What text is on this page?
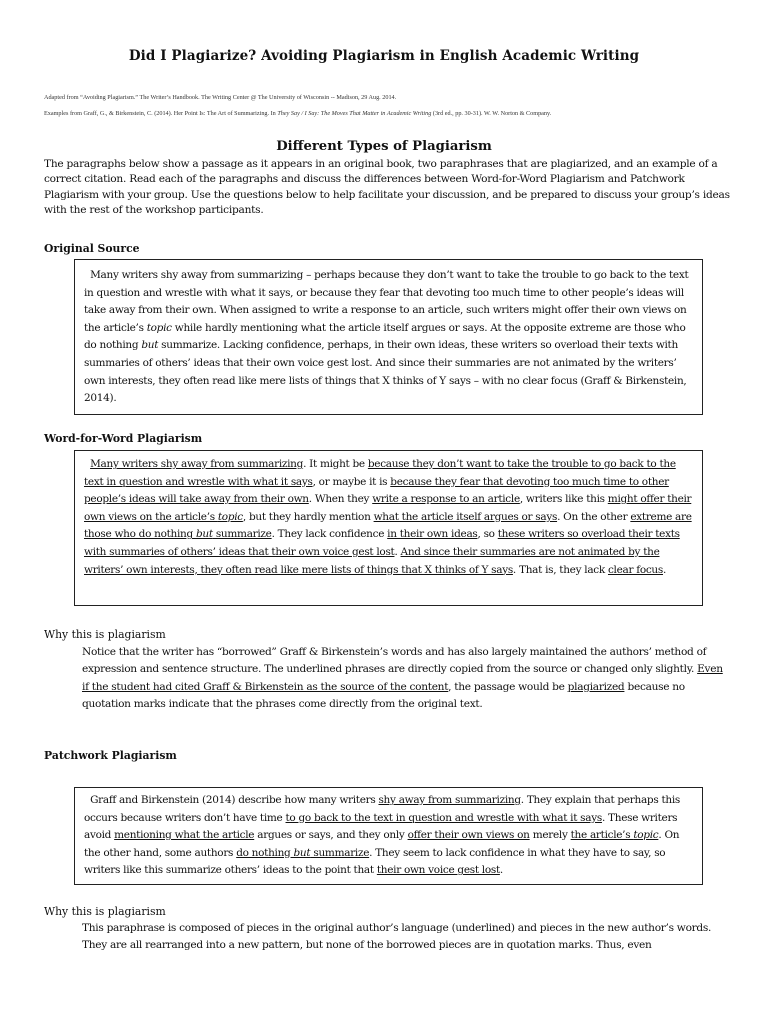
Did I Plagiarize? Avoiding Plagiarism in English Academic Writing
Adapted from “Avoiding Plagiarism.” The Writer’s Handbook. The Writing Center @ The University of Wisconsin -- Madison, 29 Aug. 2014.
Examples from Graff, G., & Birkenstein, C. (2014). Her Point Is: The Art of Summarizing. In They Say / I Say: The Moves That Matter in Academic Writing (3rd ed., pp. 30-31). W. W. Norton & Company.
Different Types of Plagiarism

The paragraphs below show a passage as it appears in an original book, two paraphrases that are plagiarized, and an example of a correct citation. Read each of the paragraphs and discuss the differences between Word-for-Word Plagiarism and Patchwork Plagiarism with your group. Use the questions below to help facilitate your discussion, and be prepared to discuss your group’s ideas with the rest of the workshop participants.

Original Source

Many writers shy away from summarizing – perhaps because they don’t want to take the trouble to go back to the text in question and wrestle with what it says, or because they fear that devoting too much time to other people’s ideas will take away from their own. When assigned to write a response to an article, such writers might offer their own views on the article’s topic while hardly mentioning what the article itself argues or says. At the opposite extreme are those who do nothing but summarize. Lacking confidence, perhaps, in their own ideas, these writers so overload their texts with summaries of others’ ideas that their own voice gest lost. And since their summaries are not animated by the writers’ own interests, they often read like mere lists of things that X thinks of Y says – with no clear focus (Graff & Birkenstein, 2014).

Word-for-Word Plagiarism

Many writers shy away from summarizing. It might be because they don’t want to take the trouble to go back to the text in question and wrestle with what it says, or maybe it is because they fear that devoting too much time to other people’s ideas will take away from their own. When they write a response to an article, writers like this might offer their own views on the article’s topic, but they hardly mention what the article itself argues or says. On the other extreme are those who do nothing but summarize. They lack confidence in their own ideas, so these writers so overload their texts with summaries of others’ ideas that their own voice gest lost. And since their summaries are not animated by the writers’ own interests, they often read like mere lists of things that X thinks of Y says. That is, they lack clear focus.

Why this is plagiarism

Notice that the writer has “borrowed” Graff & Birkenstein’s words and has also largely maintained the authors’ method of expression and sentence structure. The underlined phrases are directly copied from the source or changed only slightly. Even if the student had cited Graff & Birkenstein as the source of the content, the passage would be plagiarized because no quotation marks indicate that the phrases come directly from the original text.

Patchwork Plagiarism

Graff and Birkenstein (2014) describe how many writers shy away from summarizing. They explain that perhaps this occurs because writers don’t have time to go back to the text in question and wrestle with what it says. These writers avoid mentioning what the article argues or says, and they only offer their own views on merely the article’s topic. On the other hand, some authors do nothing but summarize. They seem to lack confidence in what they have to say, so writers like this summarize others’ ideas to the point that their own voice gest lost.

Why this is plagiarism

This paraphrase is composed of pieces in the original author’s language (underlined) and pieces in the new author’s words. They are all rearranged into a new pattern, but none of the borrowed pieces are in quotation marks. Thus, even
